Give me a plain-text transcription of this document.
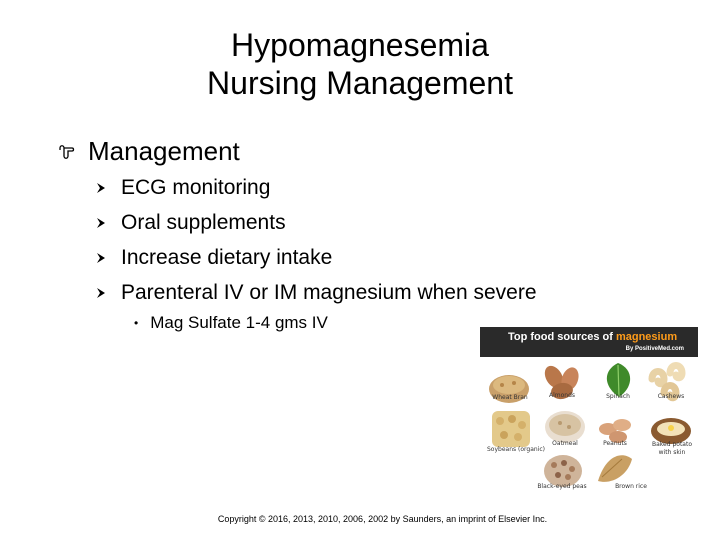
Hypomagnesemia
Nursing Management
Management
ECG monitoring
Oral supplements
Increase dietary intake
Parenteral IV or IM magnesium when severe
• Mag Sulfate 1-4 gms IV
Top food sources of magnesium
By PositiveMed.com
Wheat Bran	Almonds	Spinach	Cashews
Soybeans (organic)
Oatmeal	Peanuts	Baked potato with skin
Black-eyed peas	Brown rice
Copyright © 2016, 2013, 2010, 2006, 2002 by Saunders, an imprint of Elsevier Inc.
